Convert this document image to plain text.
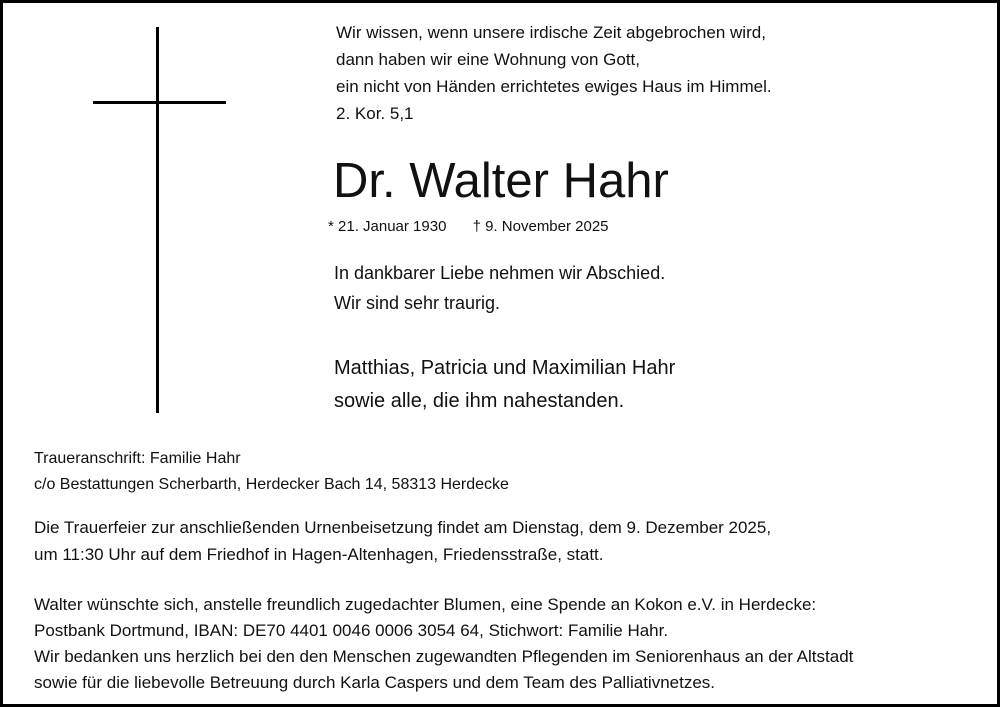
Wir wissen, wenn unsere irdische Zeit abgebrochen wird,
dann haben wir eine Wohnung von Gott,
ein nicht von Händen errichtetes ewiges Haus im Himmel.
2. Kor. 5,1
Dr. Walter Hahr
* 21. Januar 1930 † 9. November 2025
In dankbarer Liebe nehmen wir Abschied.
Wir sind sehr traurig.
Matthias, Patricia und Maximilian Hahr
sowie alle, die ihm nahestanden.
Traueranschrift: Familie Hahr
c/o Bestattungen Scherbarth, Herdecker Bach 14, 58313 Herdecke
Die Trauerfeier zur anschließenden Urnenbeisetzung findet am Dienstag, dem 9. Dezember 2025,
um 11:30 Uhr auf dem Friedhof in Hagen-Altenhagen, Friedensstraße, statt.
Walter wünschte sich, anstelle freundlich zugedachter Blumen, eine Spende an Kokon e.V. in Herdecke:
Postbank Dortmund, IBAN: DE70 4401 0046 0006 3054 64, Stichwort: Familie Hahr.
Wir bedanken uns herzlich bei den den Menschen zugewandten Pflegenden im Seniorenhaus an der Altstadt
sowie für die liebevolle Betreuung durch Karla Caspers und dem Team des Palliativnetzes.
